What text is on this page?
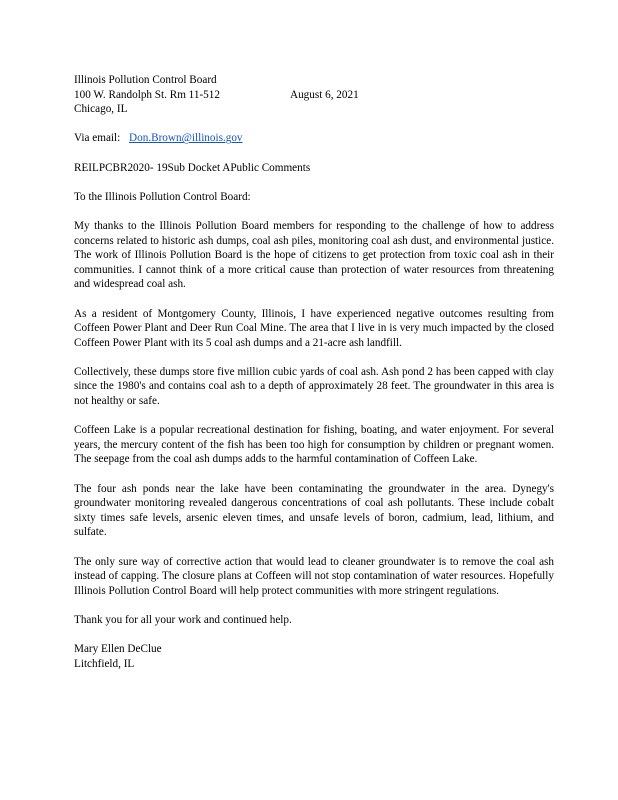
Illinois Pollution Control Board
100 W. Randolph St. Rm 11-512	August 6, 2021
Chicago, IL
Via email: Don.Brown@illinois.gov

REILPCBR2020- 19Sub Docket APublic Comments

To the Illinois Pollution Control Board:

My thanks to the Illinois Pollution Board members for responding to the challenge of how to address concerns related to historic ash dumps, coal ash piles, monitoring coal ash dust, and environmental justice. The work of Illinois Pollution Board is the hope of citizens to get protection from toxic coal ash in their communities. I cannot think of a more critical cause than protection of water resources from threatening and widespread coal ash.

As a resident of Montgomery County, Illinois, I have experienced negative outcomes resulting from Coffeen Power Plant and Deer Run Coal Mine. The area that I live in is very much impacted by the closed Coffeen Power Plant with its 5 coal ash dumps and a 21-acre ash landfill.

Collectively, these dumps store five million cubic yards of coal ash. Ash pond 2 has been capped with clay since the 1980's and contains coal ash to a depth of approximately 28 feet. The groundwater in this area is not healthy or safe.

Coffeen Lake is a popular recreational destination for fishing, boating, and water enjoyment. For several years, the mercury content of the fish has been too high for consumption by children or pregnant women. The seepage from the coal ash dumps adds to the harmful contamination of Coffeen Lake.

The four ash ponds near the lake have been contaminating the groundwater in the area. Dynegy's groundwater monitoring revealed dangerous concentrations of coal ash pollutants. These include cobalt sixty times safe levels, arsenic eleven times, and unsafe levels of boron, cadmium, lead, lithium, and sulfate.

The only sure way of corrective action that would lead to cleaner groundwater is to remove the coal ash instead of capping. The closure plans at Coffeen will not stop contamination of water resources. Hopefully Illinois Pollution Control Board will help protect communities with more stringent regulations.

Thank you for all your work and continued help.

Mary Ellen DeClue
Litchfield, IL
